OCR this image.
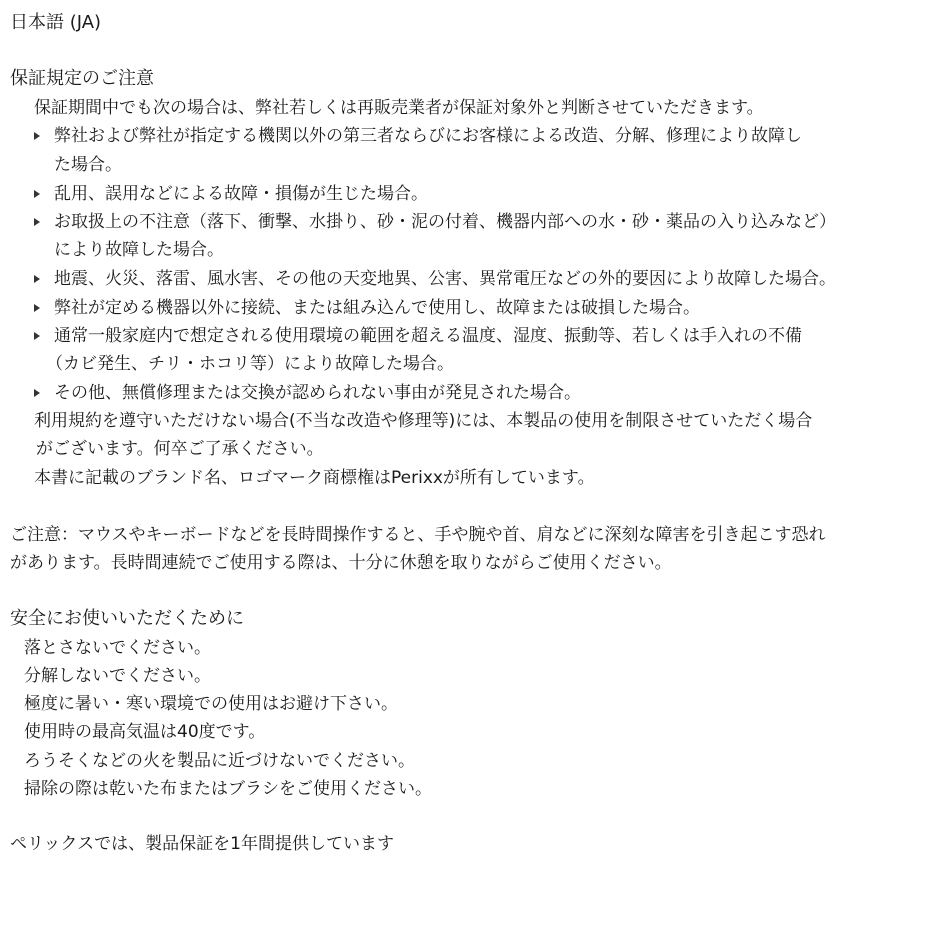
日本語 (JA)
保証規定のご注意
保証期間中でも次の場合は、弊社若しくは再販売業者が保証対象外と判断させていただきます。
弊社および弊社が指定する機関以外の第三者ならびにお客様による改造、分解、修理により故障し
た場合。
乱用、誤用などによる故障・損傷が生じた場合。
お取扱上の不注意（落下、衝撃、水掛り、砂・泥の付着、機器内部への水・砂・薬品の入り込みなど）
により故障した場合。
地震、火災、落雷、風水害、その他の天変地異、公害、異常電圧などの外的要因により故障した場合。
弊社が定める機器以外に接続、または組み込んで使用し、故障または破損した場合。
通常一般家庭内で想定される使用環境の範囲を超える温度、湿度、振動等、若しくは手入れの不備
（カビ発生、チリ・ホコリ等）により故障した場合。
その他、無償修理または交換が認められない事由が発見された場合。
利用規約を遵守いただけない場合(不当な改造や修理等)には、本製品の使用を制限させていただく場合
がございます。何卒ご了承ください。
本書に記載のブランド名、ロゴマーク商標権はPerixxが所有しています。
ご注意：マウスやキーボードなどを長時間操作すると、手や腕や首、肩などに深刻な障害を引き起こす恐れ
があります。長時間連続でご使用する際は、十分に休憩を取りながらご使用ください。
安全にお使いいただくために
落とさないでください。
分解しないでください。
極度に暑い・寒い環境での使用はお避け下さい。
使用時の最高気温は40度です。
ろうそくなどの火を製品に近づけないでください。
掃除の際は乾いた布またはブラシをご使用ください。
ペリックスでは、製品保証を1年間提供しています
